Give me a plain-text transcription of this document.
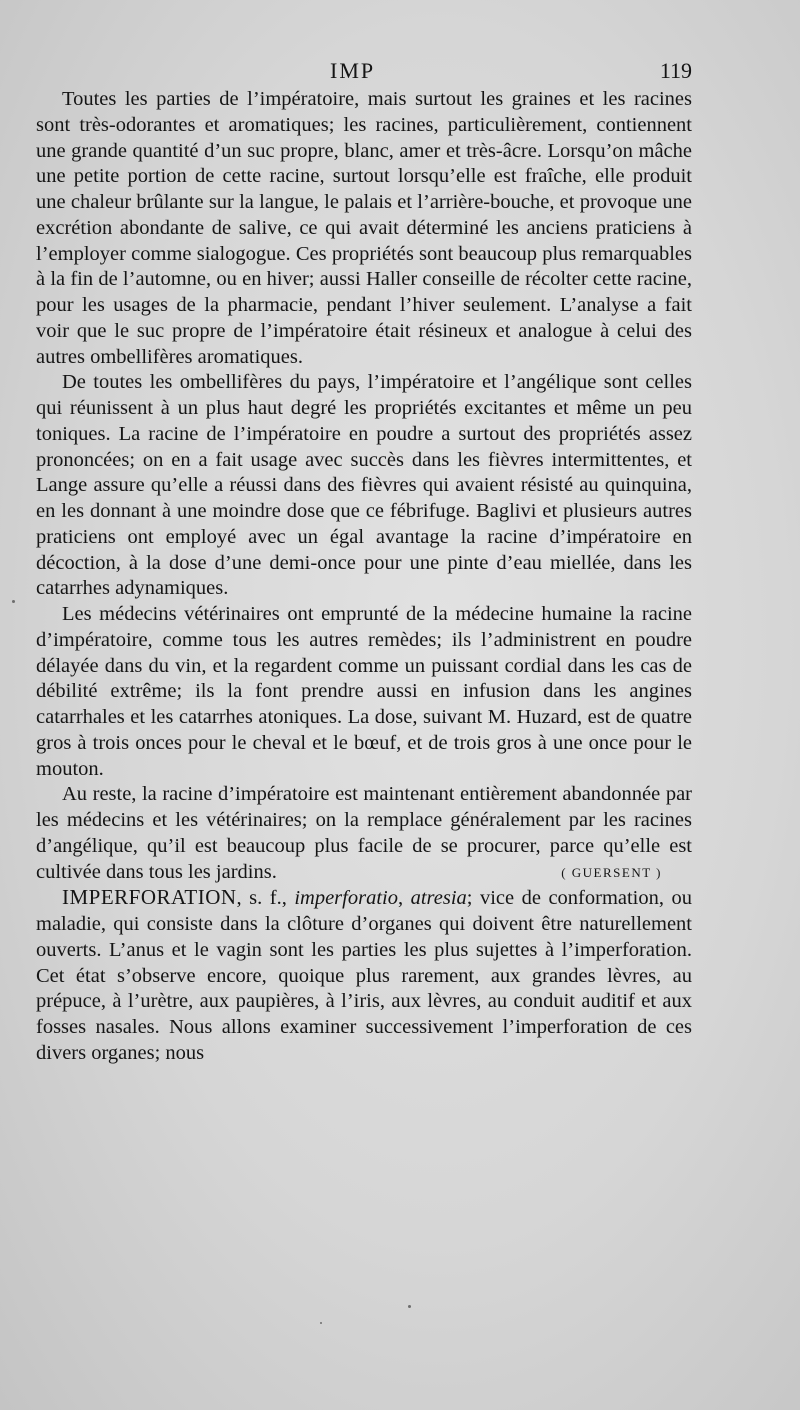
IMP	119

Toutes les parties de l’impératoire, mais surtout les graines et les racines sont très-odorantes et aromatiques; les racines, particulièrement, contiennent une grande quantité d’un suc propre, blanc, amer et très-âcre. Lorsqu’on mâche une petite portion de cette racine, surtout lorsqu’elle est fraîche, elle produit une chaleur brûlante sur la langue, le palais et l’arrière-bouche, et provoque une excrétion abondante de salive, ce qui avait déterminé les anciens praticiens à l’employer comme sialogogue. Ces propriétés sont beaucoup plus remarquables à la fin de l’automne, ou en hiver; aussi Haller conseille de récolter cette racine, pour les usages de la pharmacie, pendant l’hiver seulement. L’analyse a fait voir que le suc propre de l’impératoire était résineux et analogue à celui des autres ombellifères aromatiques.

De toutes les ombellifères du pays, l’impératoire et l’angélique sont celles qui réunissent à un plus haut degré les propriétés excitantes et même un peu toniques. La racine de l’impératoire en poudre a surtout des propriétés assez prononcées; on en a fait usage avec succès dans les fièvres intermittentes, et Lange assure qu’elle a réussi dans des fièvres qui avaient résisté au quinquina, en les donnant à une moindre dose que ce fébrifuge. Baglivi et plusieurs autres praticiens ont employé avec un égal avantage la racine d’impératoire en décoction, à la dose d’une demi-once pour une pinte d’eau miellée, dans les catarrhes adynamiques.

Les médecins vétérinaires ont emprunté de la médecine humaine la racine d’impératoire, comme tous les autres remèdes; ils l’administrent en poudre délayée dans du vin, et la regardent comme un puissant cordial dans les cas de débilité extrême; ils la font prendre aussi en infusion dans les angines catarrhales et les catarrhes atoniques. La dose, suivant M. Huzard, est de quatre gros à trois onces pour le cheval et le bœuf, et de trois gros à une once pour le mouton.

Au reste, la racine d’impératoire est maintenant entièrement abandonnée par les médecins et les vétérinaires; on la remplace généralement par les racines d’angélique, qu’il est beaucoup plus facile de se procurer, parce qu’elle est cultivée dans tous les jardins.	( GUERSENT )

IMPERFORATION, s. f., imperforatio, atresia; vice de conformation, ou maladie, qui consiste dans la clôture d’organes qui doivent être naturellement ouverts. L’anus et le vagin sont les parties les plus sujettes à l’imperforation. Cet état s’observe encore, quoique plus rarement, aux grandes lèvres, au prépuce, à l’urètre, aux paupières, à l’iris, aux lèvres, au conduit auditif et aux fosses nasales. Nous allons examiner successivement l’imperforation de ces divers organes; nous
